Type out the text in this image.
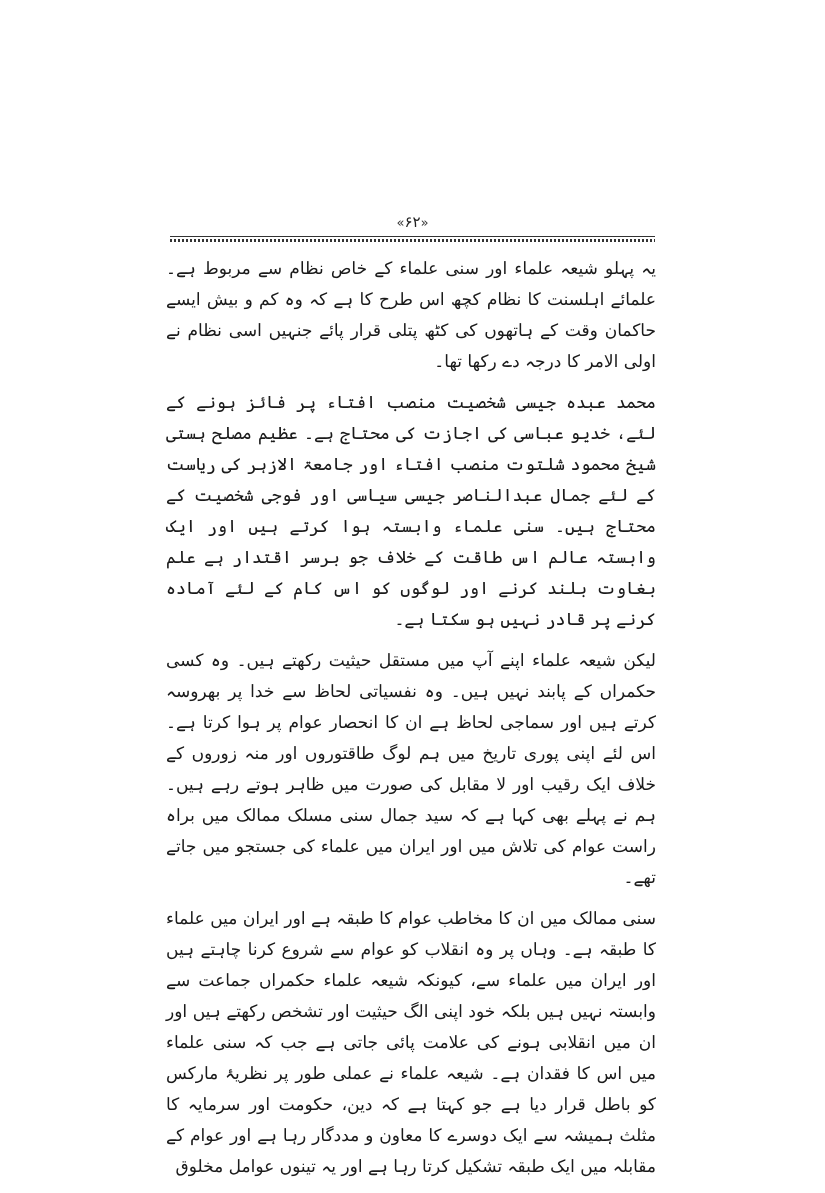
«۶۲»

یہ پہلو شیعہ علماء اور سنی علماء کے خاص نظام سے مربوط ہے۔ علمائے اہلسنت کا نظام کچھ اس طرح کا ہے کہ وہ کم و بیش ایسے حاکمان وقت کے ہاتھوں کی کٹھ پتلی قرار پائے جنہیں اسی نظام نے اولی الامر کا درجہ دے رکھا تھا۔

محمد عبدہ جیسی شخصیت منصب افتاء پر فائز ہونے کے لئے، خدیو عباسی کی اجازت کی محتاج ہے۔ عظیم مصلح ہستی شیخ محمود شلتوت منصب افتاء اور جامعۃ الازہر کی ریاست کے لئے جمال عبدالناصر جیسی سیاسی اور فوجی شخصیت کے محتاج ہیں۔ سنی علماء وابستہ ہوا کرتے ہیں اور ایک وابستہ عالم اس طاقت کے خلاف جو برسر اقتدار ہے علم بغاوت بلند کرنے اور لوگوں کو اس کام کے لئے آمادہ کرنے پر قادر نہیں ہو سکتا ہے۔

لیکن شیعہ علماء اپنے آپ میں مستقل حیثیت رکھتے ہیں۔ وہ کسی حکمراں کے پابند نہیں ہیں۔ وہ نفسیاتی لحاظ سے خدا پر بھروسہ کرتے ہیں اور سماجی لحاظ ہے ان کا انحصار عوام پر ہوا کرتا ہے۔ اس لئے اپنی پوری تاریخ میں ہم لوگ طاقتوروں اور منہ زوروں کے خلاف ایک رقیب اور لا مقابل کی صورت میں ظاہر ہوتے رہے ہیں۔ ہم نے پہلے بھی کہا ہے کہ سید جمال سنی مسلک ممالک میں براہ راست عوام کی تلاش میں اور ایران میں علماء کی جستجو میں جاتے تھے۔

سنی ممالک میں ان کا مخاطب عوام کا طبقہ ہے اور ایران میں علماء کا طبقہ ہے۔ وہاں پر وہ انقلاب کو عوام سے شروع کرنا چاہتے ہیں اور ایران میں علماء سے، کیونکہ شیعہ علماء حکمراں جماعت سے وابستہ نہیں ہیں بلکہ خود اپنی الگ حیثیت اور تشخص رکھتے ہیں اور ان میں انقلابی ہونے کی علامت پائی جاتی ہے جب کہ سنی علماء میں اس کا فقدان ہے۔ شیعہ علماء نے عملی طور پر نظریۂ مارکس کو باطل قرار دیا ہے جو کہتا ہے کہ دین، حکومت اور سرمایہ کا مثلث ہمیشہ سے ایک دوسرے کا معاون و مددگار رہا ہے اور عوام کے مقابلہ میں ایک طبقہ تشکیل کرتا رہا ہے اور یہ تینوں عوامل مخلوق
